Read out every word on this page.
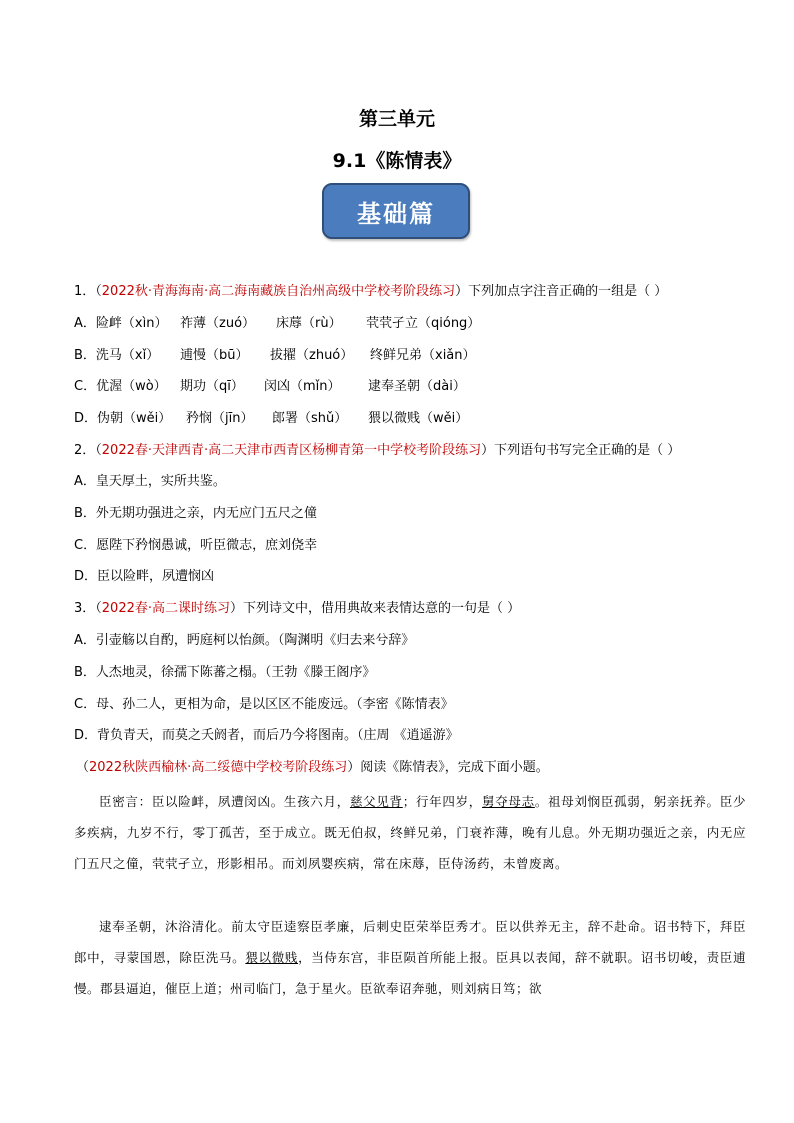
第三单元
9.1《陈情表》
基础篇
1．（2022秋·青海海南·高二海南藏族自治州高级中学校考阶段练习）下列加点字注音正确的一组是（ ）
A．险衅（xìn） 祚薄（zuó） 床蓐（rù） 茕茕孑立（qióng）
B．洗马（xǐ） 逋慢（bū） 拔擢（zhuó） 终鲜兄弟（xiǎn）
C．优渥（wò） 期功（qī） 闵凶（mǐn） 逮奉圣朝（dài）
D．伪朝（wěi） 矜悯（jīn） 郎署（shǔ） 猥以微贱（wěi）
2．（2022春·天津西青·高二天津市西青区杨柳青第一中学校考阶段练习）下列语句书写完全正确的是（ ）
A．皇天厚土，实所共鉴。
B．外无期功强进之亲，内无应门五尺之僮
C．愿陛下矜悯愚诚，听臣微志，庶刘侥幸
D．臣以险畔，夙遭悯凶
3．（2022春·高二课时练习）下列诗文中，借用典故来表情达意的一句是（ ）
A．引壶觞以自酌，眄庭柯以怡颜。（陶渊明《归去来兮辞》
B．人杰地灵，徐孺下陈蕃之榻。（王勃《滕王阁序》
C．母、孙二人，更相为命，是以区区不能废远。（李密《陈情表》
D．背负青天，而莫之夭阏者，而后乃今将图南。（庄周 《逍遥游》
（2022秋陕西榆林·高二绥德中学校考阶段练习）阅读《陈情表》，完成下面小题。
臣密言：臣以险衅，夙遭闵凶。生孩六月，慈父见背；行年四岁，舅夺母志。祖母刘悯臣孤弱，躬亲抚养。臣少多疾病，九岁不行，零丁孤苦，至于成立。既无伯叔，终鲜兄弟，门衰祚薄，晚有儿息。外无期功强近之亲，内无应门五尺之僮，茕茕孑立，形影相吊。而刘夙婴疾病，常在床蓐，臣侍汤药，未曾废离。
逮奉圣朝，沐浴清化。前太守臣逵察臣孝廉，后刺史臣荣举臣秀才。臣以供养无主，辞不赴命。诏书特下，拜臣郎中，寻蒙国恩，除臣洗马。猥以微贱，当侍东宫，非臣陨首所能上报。臣具以表闻，辞不就职。诏书切峻，责臣逋慢。郡县逼迫，催臣上道；州司临门，急于星火。臣欲奉诏奔驰，则刘病日笃；欲
